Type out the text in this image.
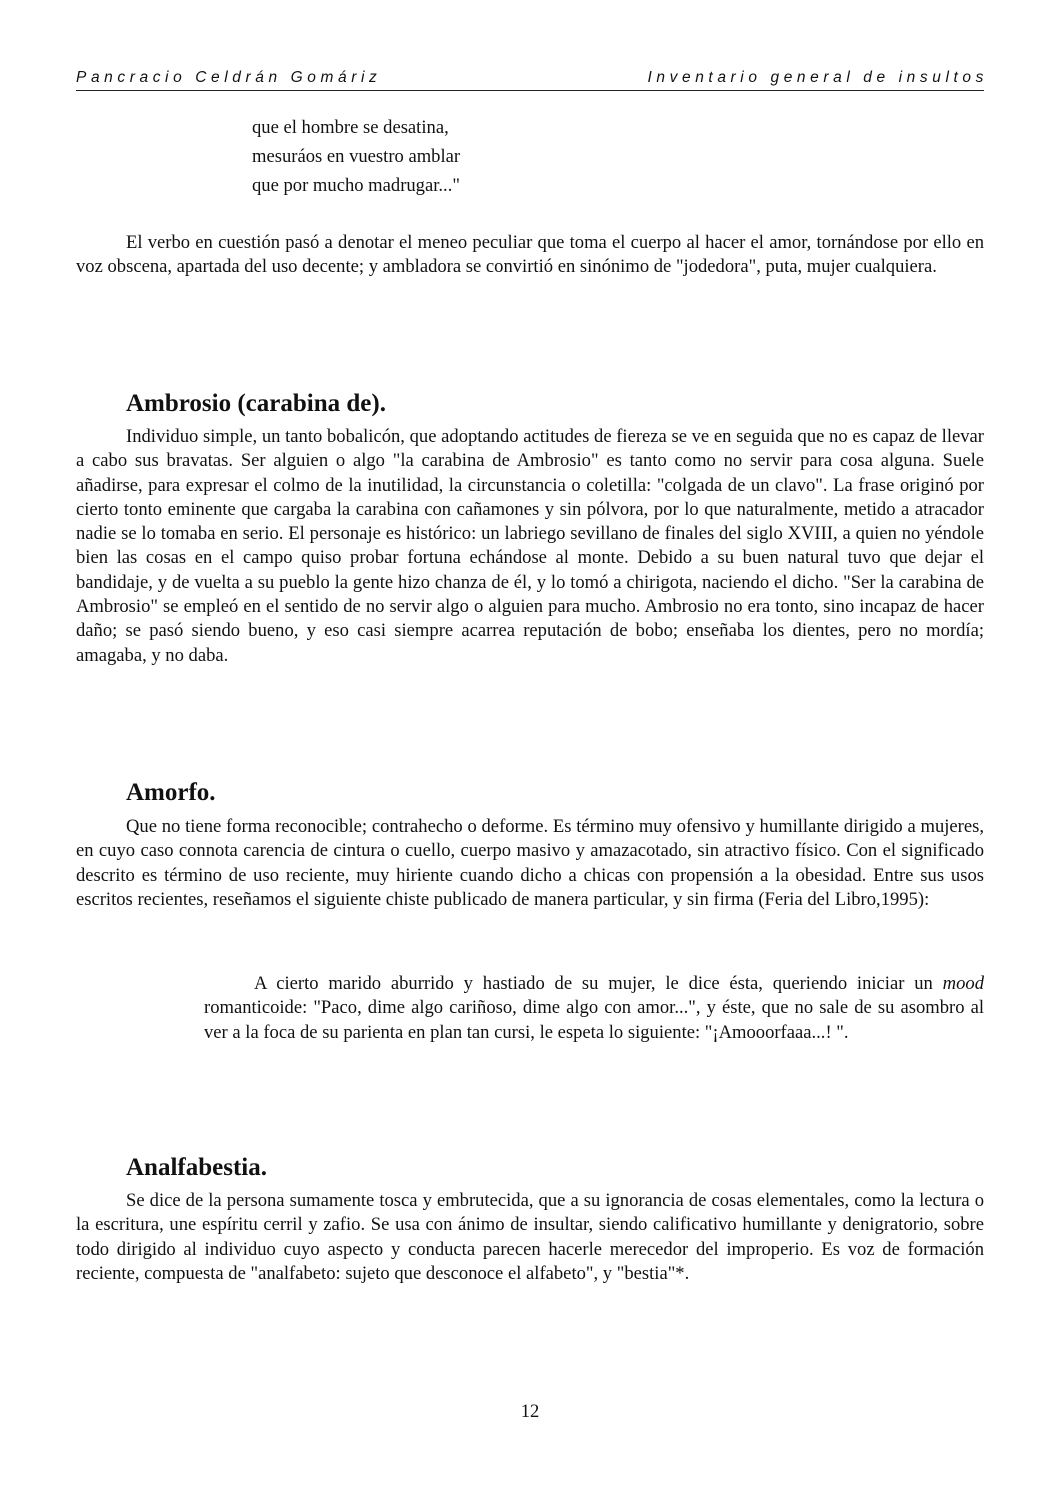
Pancracio Celdrán Gomáriz	Inventario general de insultos
que el hombre se desatina,
mesuráos en vuestro amblar
que por mucho madrugar..."

El verbo en cuestión pasó a denotar el meneo peculiar que toma el cuerpo al hacer el amor, tornándose por ello en voz obscena, apartada del uso decente; y ambladora se convirtió en sinónimo de "jodedora", puta, mujer cualquiera.

Ambrosio (carabina de).

Individuo simple, un tanto bobalicón, que adoptando actitudes de fiereza se ve en seguida que no es capaz de llevar a cabo sus bravatas. Ser alguien o algo "la carabina de Ambrosio" es tanto como no servir para cosa alguna. Suele añadirse, para expresar el colmo de la inutilidad, la circunstancia o coletilla: "colgada de un clavo". La frase originó por cierto tonto eminente que cargaba la carabina con cañamones y sin pólvora, por lo que naturalmente, metido a atracador nadie se lo tomaba en serio. El personaje es histórico: un labriego sevillano de finales del siglo XVIII, a quien no yéndole bien las cosas en el campo quiso probar fortuna echándose al monte. Debido a su buen natural tuvo que dejar el bandidaje, y de vuelta a su pueblo la gente hizo chanza de él, y lo tomó a chirigota, naciendo el dicho. "Ser la carabina de Ambrosio" se empleó en el sentido de no servir algo o alguien para mucho. Ambrosio no era tonto, sino incapaz de hacer daño; se pasó siendo bueno, y eso casi siempre acarrea reputación de bobo; enseñaba los dientes, pero no mordía; amagaba, y no daba.

Amorfo.

Que no tiene forma reconocible; contrahecho o deforme. Es término muy ofensivo y humillante dirigido a mujeres, en cuyo caso connota carencia de cintura o cuello, cuerpo masivo y amazacotado, sin atractivo físico. Con el significado descrito es término de uso reciente, muy hiriente cuando dicho a chicas con propensión a la obesidad. Entre sus usos escritos recientes, reseñamos el siguiente chiste publicado de manera particular, y sin firma (Feria del Libro,1995):

A cierto marido aburrido y hastiado de su mujer, le dice ésta, queriendo iniciar un mood romanticoide: "Paco, dime algo cariñoso, dime algo con amor...", y éste, que no sale de su asombro al ver a la foca de su parienta en plan tan cursi, le espeta lo siguiente: "¡Amooorfaaa...! ".

Analfabestia.

Se dice de la persona sumamente tosca y embrutecida, que a su ignorancia de cosas elementales, como la lectura o la escritura, une espíritu cerril y zafio. Se usa con ánimo de insultar, siendo calificativo humillante y denigratorio, sobre todo dirigido al individuo cuyo aspecto y conducta parecen hacerle merecedor del improperio. Es voz de formación reciente, compuesta de "analfabeto: sujeto que desconoce el alfabeto", y "bestia"*.

12
